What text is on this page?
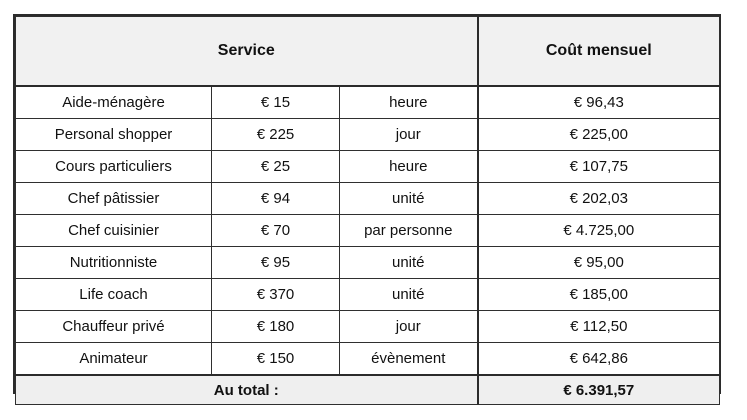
Service			Coût mensuel
Aide-ménagère	€ 15	heure	€ 96,43
Personal shopper	€ 225	jour	€ 225,00
Cours particuliers	€ 25	heure	€ 107,75
Chef pâtissier	€ 94	unité	€ 202,03
Chef cuisinier	€ 70	par personne	€ 4.725,00
Nutritionniste	€ 95	unité	€ 95,00
Life coach	€ 370	unité	€ 185,00
Chauffeur privé	€ 180	jour	€ 112,50
Animateur	€ 150	évènement	€ 642,86
Au total :			€ 6.391,57
